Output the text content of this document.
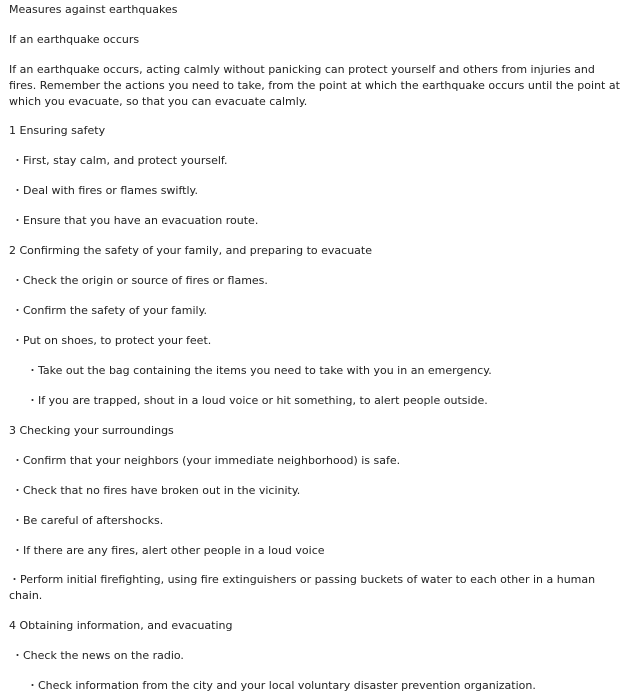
Measures against earthquakes
If an earthquake occurs
If an earthquake occurs, acting calmly without panicking can protect yourself and others from injuries and fires. Remember the actions you need to take, from the point at which the earthquake occurs until the point at which you evacuate, so that you can evacuate calmly.
1 Ensuring safety
・First, stay calm, and protect yourself.
・Deal with fires or flames swiftly.
・Ensure that you have an evacuation route.
2 Confirming the safety of your family, and preparing to evacuate
・Check the origin or source of fires or flames.
・Confirm the safety of your family.
・Put on shoes, to protect your feet.
・Take out the bag containing the items you need to take with you in an emergency.
・If you are trapped, shout in a loud voice or hit something, to alert people outside.
3 Checking your surroundings
・Confirm that your neighbors (your immediate neighborhood) is safe.
・Check that no fires have broken out in the vicinity.
・Be careful of aftershocks.
・If there are any fires, alert other people in a loud voice
・Perform initial firefighting, using fire extinguishers or passing buckets of water to each other in a human chain.
4 Obtaining information, and evacuating
・Check the news on the radio.
・Check information from the city and your local voluntary disaster prevention organization.
